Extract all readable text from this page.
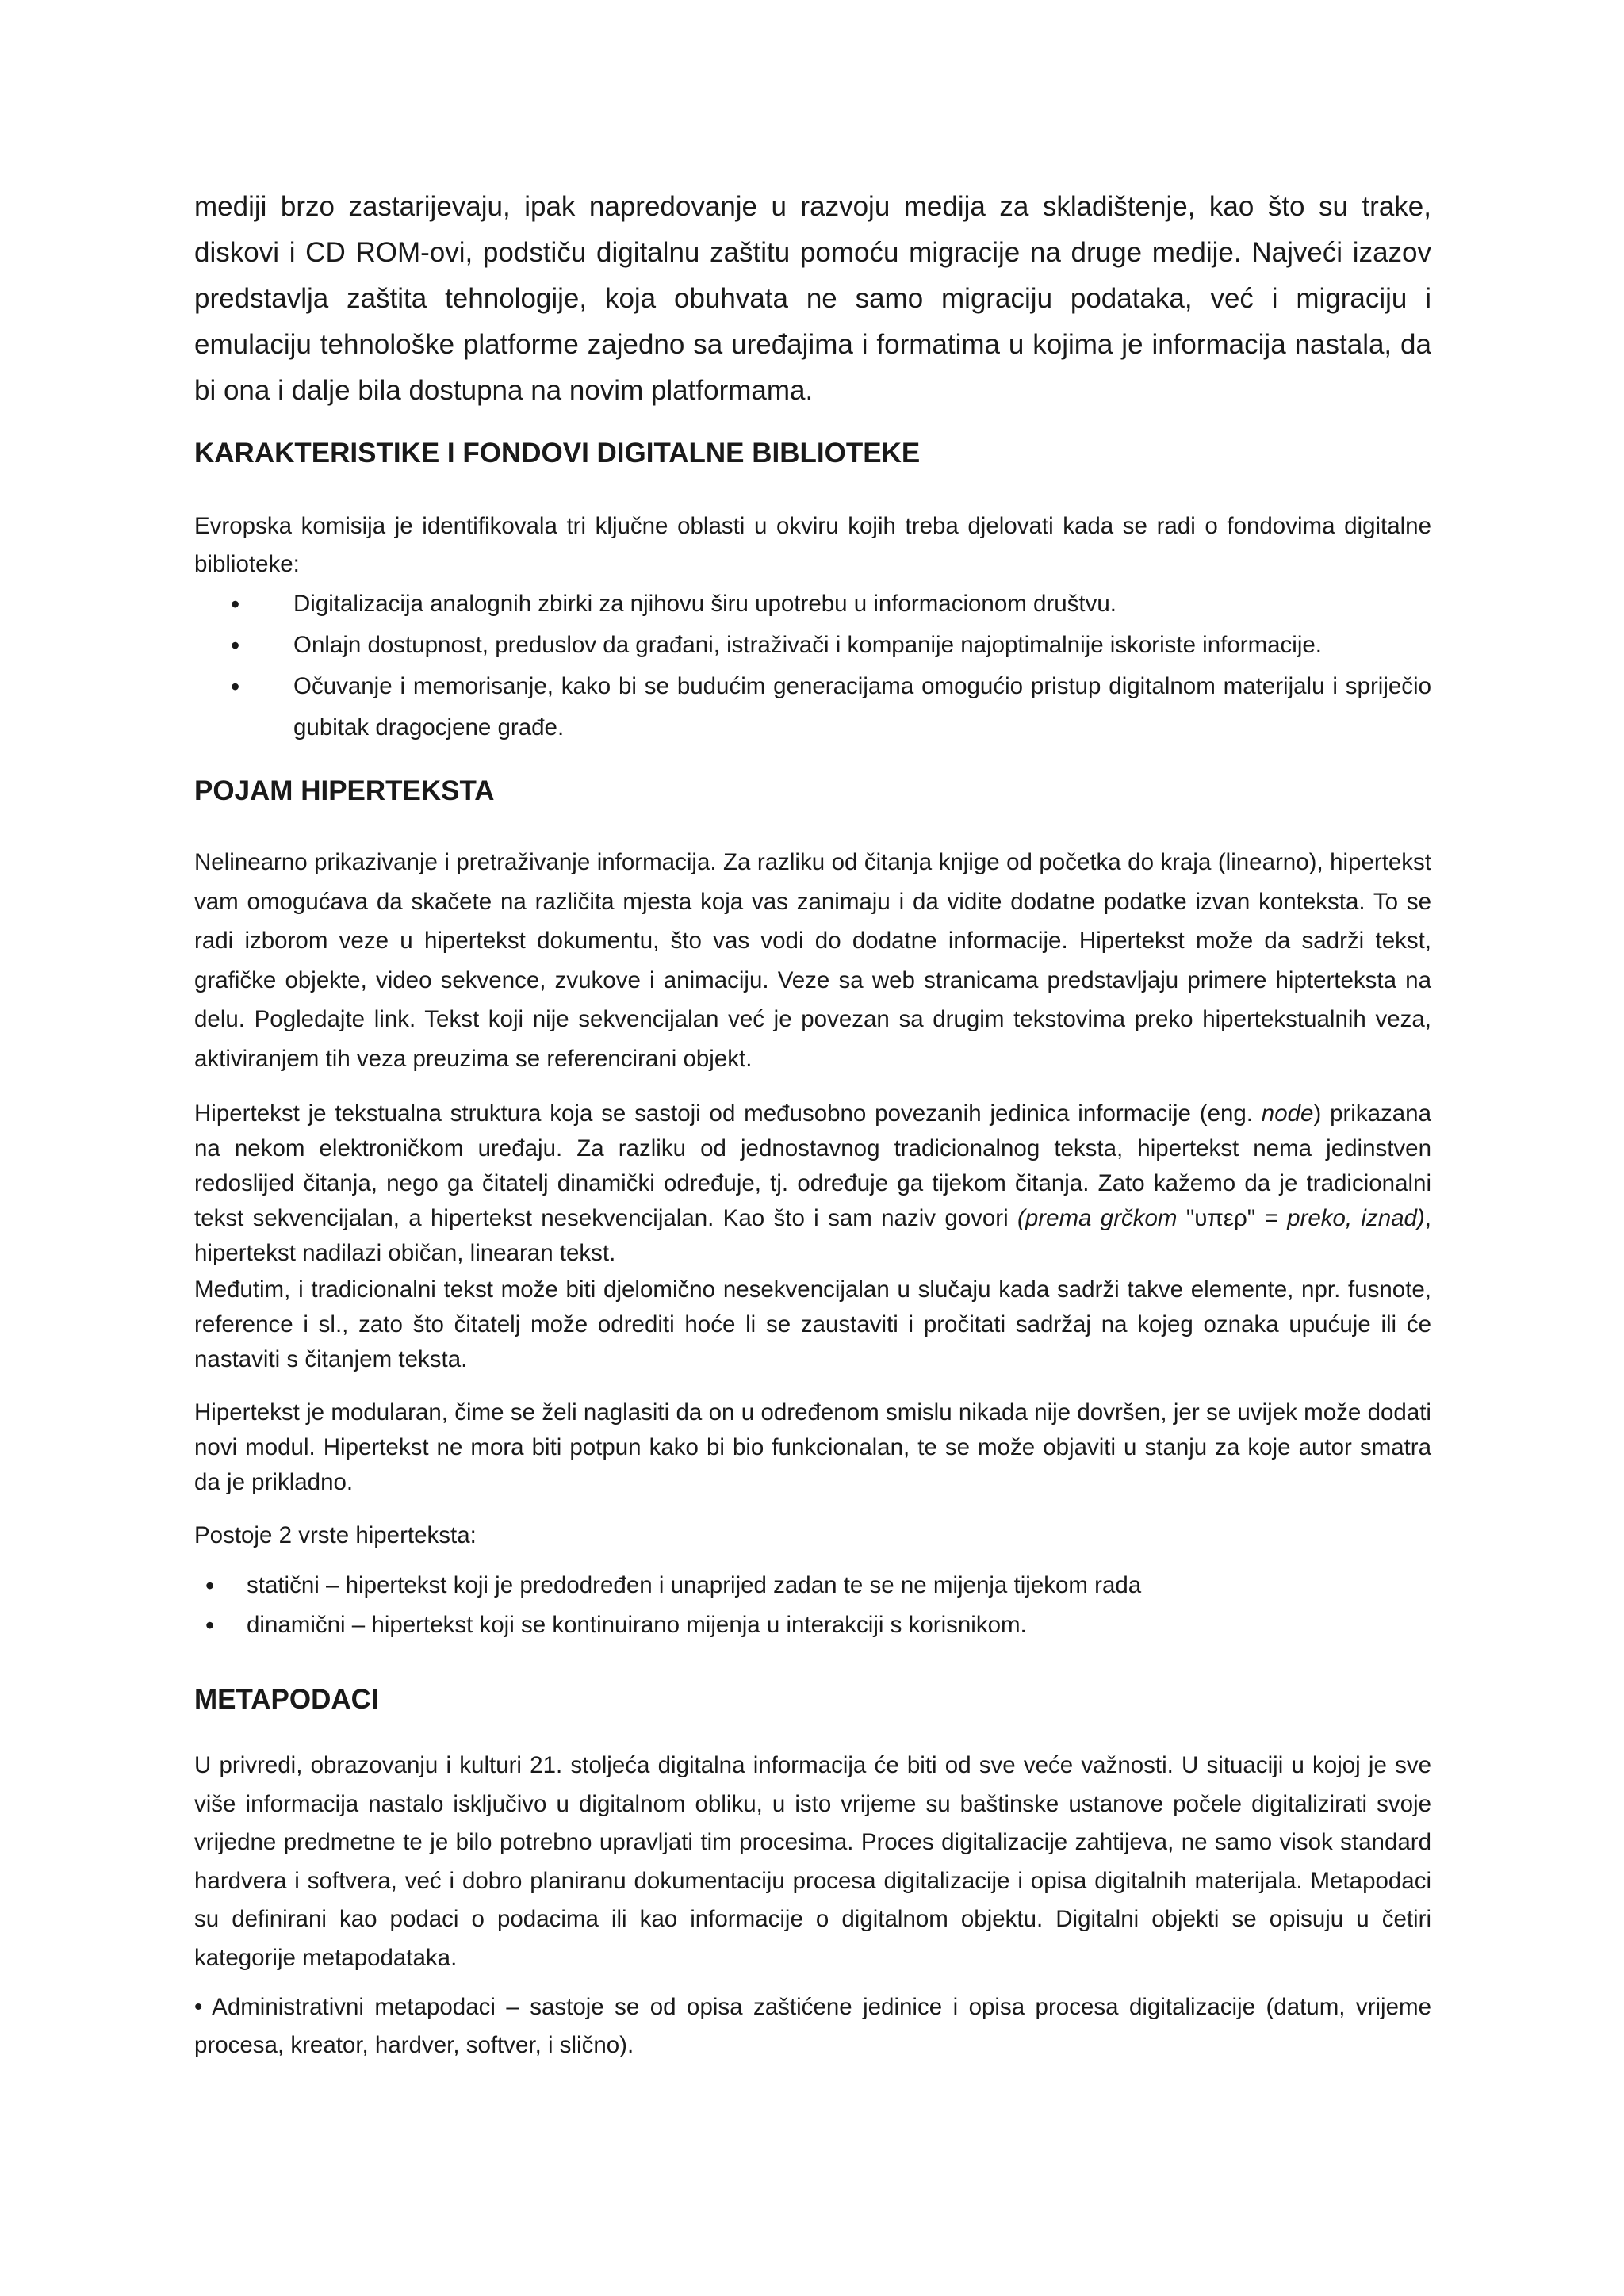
mediji brzo zastarijevaju, ipak napredovanje u razvoju medija za skladištenje, kao što su trake, diskovi i CD ROM-ovi, podstiču digitalnu zaštitu pomoću migracije na druge medije. Najveći izazov predstavlja zaštita tehnologije, koja obuhvata ne samo migraciju podataka, već i migraciju i emulaciju tehnološke platforme zajedno sa uređajima i formatima u kojima je informacija nastala, da bi ona i dalje bila dostupna na novim platformama.

KARAKTERISTIKE I FONDOVI DIGITALNE BIBLIOTEKE

Evropska komisija je identifikovala tri ključne oblasti u okviru kojih treba djelovati kada se radi o fondovima digitalne biblioteke:

• Digitalizacija analognih zbirki za njihovu širu upotrebu u informacionom društvu.
• Onlajn dostupnost, preduslov da građani, istraživači i kompanije najoptimalnije iskoriste informacije.
• Očuvanje i memorisanje, kako bi se budućim generacijama omogućio pristup digitalnom materijalu i spriječio gubitak dragocjene građe.
POJAM HIPERTEKSTA

Nelinearno prikazivanje i pretraživanje informacija. Za razliku od čitanja knjige od početka do kraja (linearno), hipertekst vam omogućava da skačete na različita mjesta koja vas zanimaju i da vidite dodatne podatke izvan konteksta. To se radi izborom veze u hipertekst dokumentu, što vas vodi do dodatne informacije. Hipertekst može da sadrži tekst, grafičke objekte, video sekvence, zvukove i animaciju. Veze sa web stranicama predstavljaju primere hipterteksta na delu. Pogledajte link. Tekst koji nije sekvencijalan već je povezan sa drugim tekstovima preko hipertekstualnih veza, aktiviranjem tih veza preuzima se referencirani objekt.

Hipertekst je tekstualna struktura koja se sastoji od međusobno povezanih jedinica informacije (eng. node) prikazana na nekom elektroničkom uređaju. Za razliku od jednostavnog tradicionalnog teksta, hipertekst nema jedinstven redoslijed čitanja, nego ga čitatelj dinamički određuje, tj. određuje ga tijekom čitanja. Zato kažemo da je tradicionalni tekst sekvencijalan, a hipertekst nesekvencijalan. Kao što i sam naziv govori (prema grčkom "υπερ" = preko, iznad), hipertekst nadilazi običan, linearan tekst.

Međutim, i tradicionalni tekst može biti djelomično nesekvencijalan u slučaju kada sadrži takve elemente, npr. fusnote, reference i sl., zato što čitatelj može odrediti hoće li se zaustaviti i pročitati sadržaj na kojeg oznaka upućuje ili će nastaviti s čitanjem teksta.

Hipertekst je modularan, čime se želi naglasiti da on u određenom smislu nikada nije dovršen, jer se uvijek može dodati novi modul. Hipertekst ne mora biti potpun kako bi bio funkcionalan, te se može objaviti u stanju za koje autor smatra da je prikladno.

Postoje 2 vrste hiperteksta:

• statični – hipertekst koji je predodređen i unaprijed zadan te se ne mijenja tijekom rada
• dinamični – hipertekst koji se kontinuirano mijenja u interakciji s korisnikom.
METAPODACI

U privredi, obrazovanju i kulturi 21. stoljeća digitalna informacija će biti od sve veće važnosti. U situaciji u kojoj je sve više informacija nastalo isključivo u digitalnom obliku, u isto vrijeme su baštinske ustanove počele digitalizirati svoje vrijedne predmetne te je bilo potrebno upravljati tim procesima. Proces digitalizacije zahtijeva, ne samo visok standard hardvera i softvera, već i dobro planiranu dokumentaciju procesa digitalizacije i opisa digitalnih materijala. Metapodaci su definirani kao podaci o podacima ili kao informacije o digitalnom objektu. Digitalni objekti se opisuju u četiri kategorije metapodataka.

• Administrativni metapodaci – sastoje se od opisa zaštićene jedinice i opisa procesa digitalizacije (datum, vrijeme procesa, kreator, hardver, softver, i slično).
